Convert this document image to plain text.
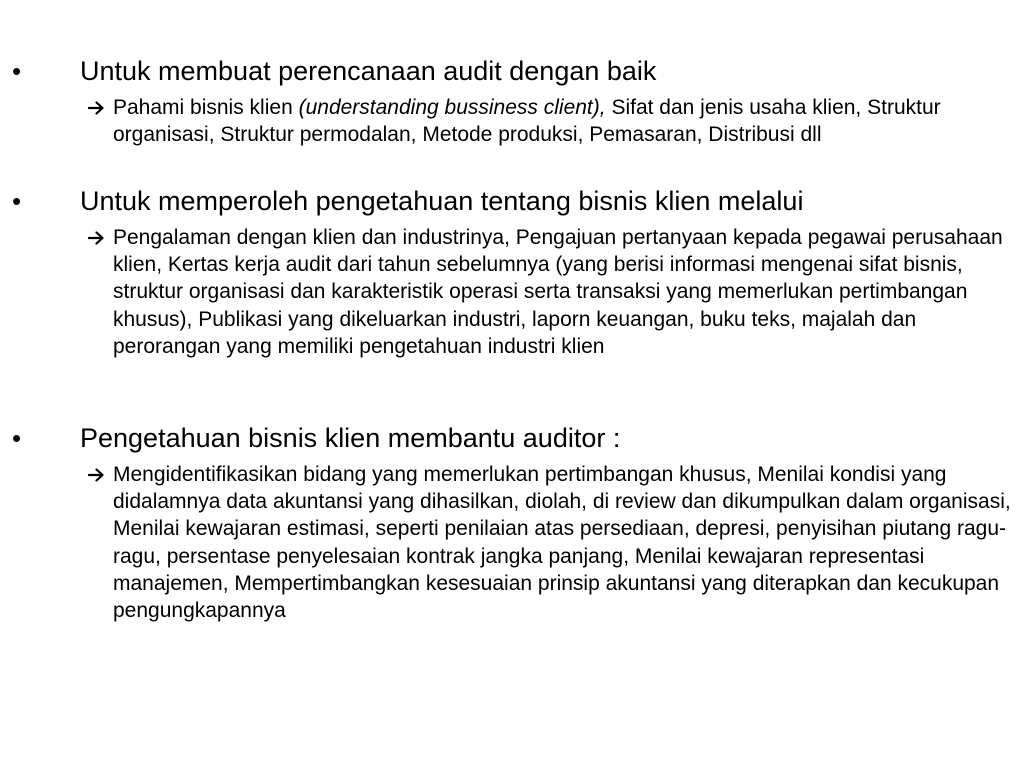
• Untuk membuat perencanaan audit dengan baik

Pahami bisnis klien (understanding bussiness client), Sifat dan jenis usaha klien, Struktur organisasi, Struktur permodalan, Metode produksi, Pemasaran, Distribusi dll

• Untuk memperoleh pengetahuan tentang bisnis klien melalui

Pengalaman dengan klien dan industrinya, Pengajuan pertanyaan kepada pegawai perusahaan klien, Kertas kerja audit dari tahun sebelumnya (yang berisi informasi mengenai sifat bisnis, struktur organisasi dan karakteristik operasi serta transaksi yang memerlukan pertimbangan khusus), Publikasi yang dikeluarkan industri, laporn keuangan, buku teks, majalah dan perorangan yang memiliki pengetahuan industri klien

• Pengetahuan bisnis klien membantu auditor :

Mengidentifikasikan bidang yang memerlukan pertimbangan khusus, Menilai kondisi yang didalamnya data akuntansi yang dihasilkan, diolah, di review dan dikumpulkan dalam organisasi, Menilai kewajaran estimasi, seperti penilaian atas persediaan, depresi, penyisihan piutang ragu-ragu, persentase penyelesaian kontrak jangka panjang, Menilai kewajaran representasi manajemen, Mempertimbangkan kesesuaian prinsip akuntansi yang diterapkan dan kecukupan pengungkapannya
